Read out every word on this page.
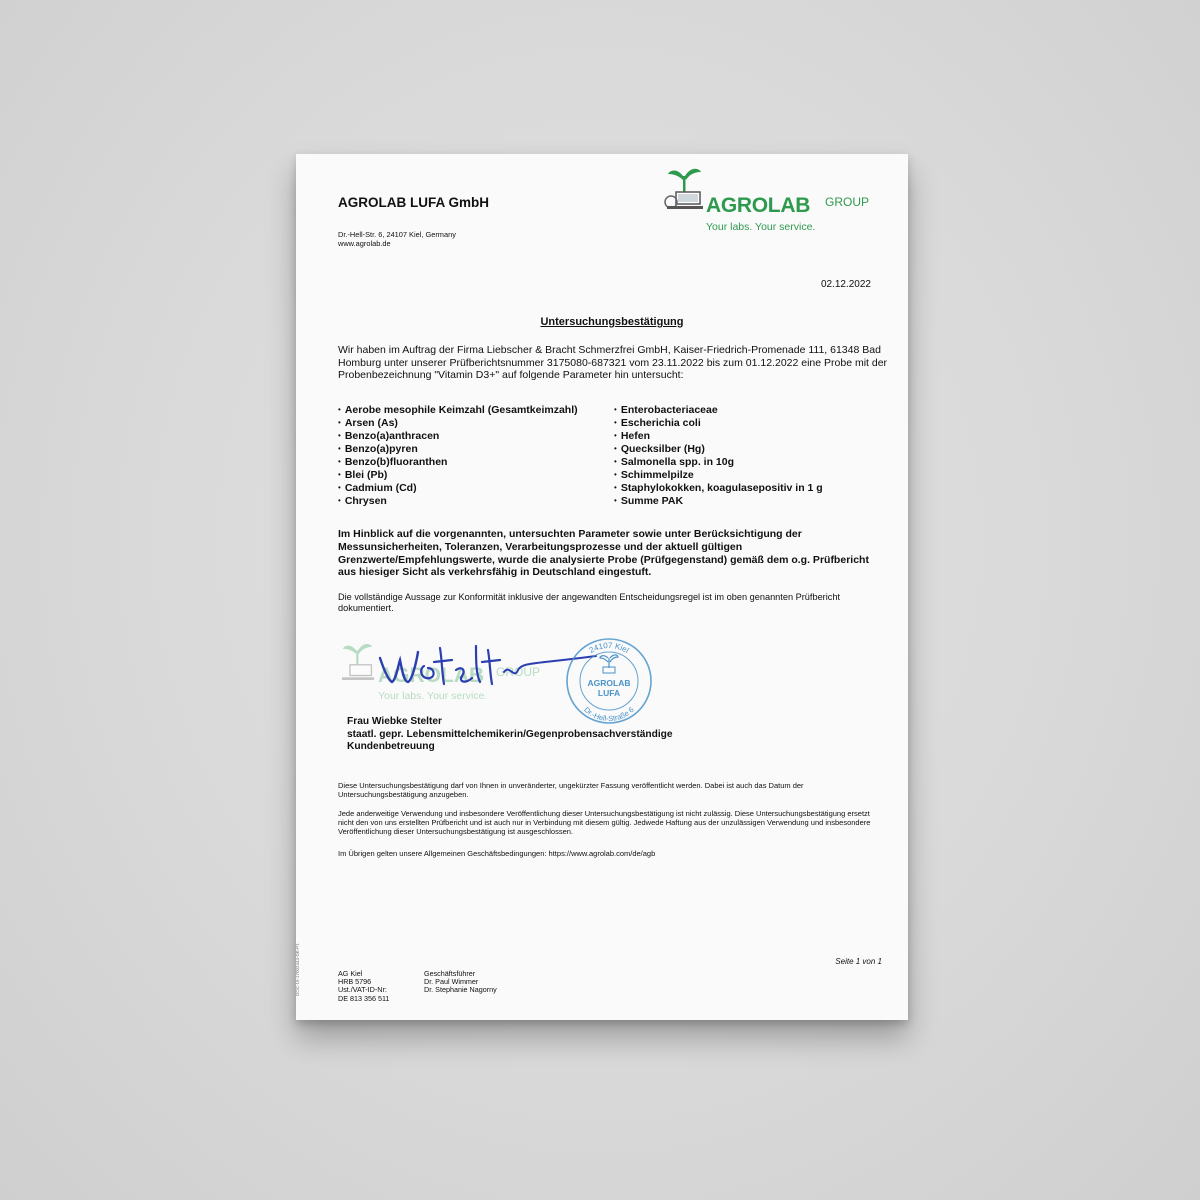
AGROLAB LUFA GmbH
Dr.-Hell-Str. 6, 24107 Kiel, Germany
www.agrolab.de
AGROLAB GROUP
Your labs. Your service.
02.12.2022
Untersuchungsbestätigung
Wir haben im Auftrag der Firma Liebscher & Bracht Schmerzfrei GmbH, Kaiser-Friedrich-Promenade 111, 61348 Bad Homburg unter unserer Prüfberichtsnummer 3175080-687321 vom 23.11.2022 bis zum 01.12.2022 eine Probe mit der Probenbezeichnung "Vitamin D3+" auf folgende Parameter hin untersucht:
• Aerobe mesophile Keimzahl (Gesamtkeimzahl)
• Arsen (As)
• Benzo(a)anthracen
• Benzo(a)pyren
• Benzo(b)fluoranthen
• Blei (Pb)
• Cadmium (Cd)
• Chrysen
• Enterobacteriaceae
• Escherichia coli
• Hefen
• Quecksilber (Hg)
• Salmonella spp. in 10g
• Schimmelpilze
• Staphylokokken, koagulasepositiv in 1 g
• Summe PAK
Im Hinblick auf die vorgenannten, untersuchten Parameter sowie unter Berücksichtigung der Messunsicherheiten, Toleranzen, Verarbeitungsprozesse und der aktuell gültigen Grenzwerte/Empfehlungswerte, wurde die analysierte Probe (Prüfgegenstand) gemäß dem o.g. Prüfbericht aus hiesiger Sicht als verkehrsfähig in Deutschland eingestuft.
Die vollständige Aussage zur Konformität inklusive der angewandten Entscheidungsregel ist im oben genannten Prüfbericht dokumentiert.
AGROLAB GROUP
Your labs. Your service.
24107 Kiel
Dr.-Hell-Straße 6
AGROLAB
LUFA
Frau Wiebke Stelter
staatl. gepr. Lebensmittelchemikerin/Gegenprobensachverständige
Kundenbetreuung
Diese Untersuchungsbestätigung darf von Ihnen in unveränderter, ungekürzter Fassung veröffentlicht werden. Dabei ist auch das Datum der Untersuchungsbestätigung anzugeben.
Jede anderweitige Verwendung und insbesondere Veröffentlichung dieser Untersuchungsbestätigung ist nicht zulässig. Diese Untersuchungsbestätigung ersetzt nicht den von uns erstellten Prüfbericht und ist auch nur in Verbindung mit diesem gültig. Jedwede Haftung aus der unzulässigen Verwendung und insbesondere Veröffentlichung dieser Untersuchungsbestätigung ist ausgeschlossen.
Im Übrigen gelten unsere Allgemeinen Geschäftsbedingungen: https://www.agrolab.com/de/agb
Seite 1 von 1
AG Kiel
HRB 5796
Ust./VAT-ID-Nr:
DE 813 356 511
Geschäftsführer
Dr. Paul Wimmer
Dr. Stephanie Nagorny
DOC-15-17002444-DE-P1
